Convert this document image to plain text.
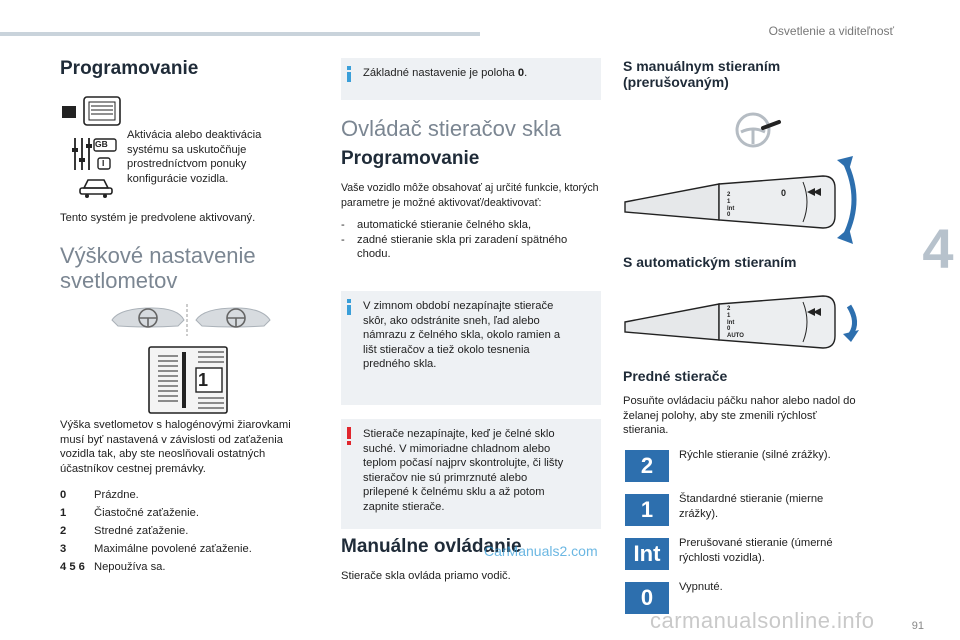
Osvetlenie a viditeľnosť
4
91
Programovanie
GB
I
Aktivácia alebo deaktivácia systému sa uskutočňuje prostredníctvom ponuky konfigurácie vozidla.
Tento systém je predvolene aktivovaný.
Výškové nastavenie
svetlometov
1
Výška svetlometov s halogénovými žiarovkami musí byť nastavená v závislosti od zaťaženia vozidla tak, aby ste neoslňovali ostatných účastníkov cestnej premávky.
0 Prázdne.
1 Čiastočné zaťaženie.
2 Stredné zaťaženie.
3 Maximálne povolené zaťaženie.
4 5 6 Nepoužíva sa.
Základné nastavenie je poloha 0.
Ovládač stieračov skla
Programovanie
Vaše vozidlo môže obsahovať aj určité funkcie, ktorých parametre je možné aktivovať/deaktivovať:
-	automatické stieranie čelného skla,
-	zadné stieranie skla pri zaradení spätného chodu.
V zimnom období nezapínajte stierače skôr, ako odstránite sneh, ľad alebo námrazu z čelného skla, okolo ramien a lišt stieračov a tiež okolo tesnenia predného skla.
Stierače nezapínajte, keď je čelné sklo suché. V mimoriadne chladnom alebo teplom počasí najprv skontrolujte, či lišty stieračov nie sú primrznuté alebo prilepené k čelnému sklu a až potom zapnite stierače.
Manuálne ovládanie
CarManuals2.com
Stierače skla ovláda priamo vodič.
S manuálnym stieraním
(prerušovaným)
2
1
Int
0
0
S automatickým stieraním
2
1
Int
0
AUTO
Predné stierače
Posuňte ovládaciu páčku nahor alebo nadol do želanej polohy, aby ste zmenili rýchlosť stierania.
2	Rýchle stieranie (silné zrážky).
1	Štandardné stieranie (mierne zrážky).
Int	Prerušované stieranie (úmerné rýchlosti vozidla).
0	Vypnuté.
carmanualsonline.info
